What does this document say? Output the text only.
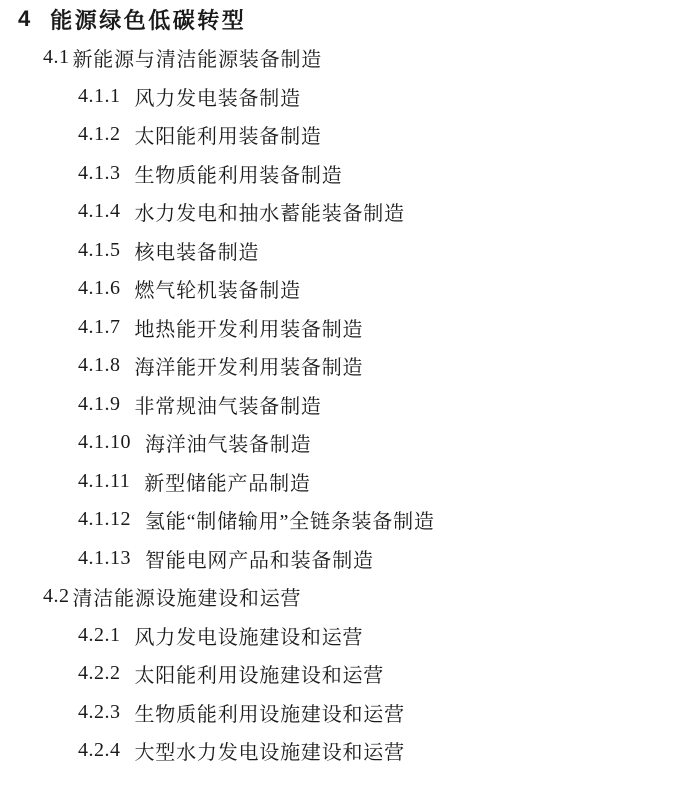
4 能源绿色低碳转型
4.1 新能源与清洁能源装备制造
4.1.1 风力发电装备制造
4.1.2 太阳能利用装备制造
4.1.3 生物质能利用装备制造
4.1.4 水力发电和抽水蓄能装备制造
4.1.5 核电装备制造
4.1.6 燃气轮机装备制造
4.1.7 地热能开发利用装备制造
4.1.8 海洋能开发利用装备制造
4.1.9 非常规油气装备制造
4.1.10 海洋油气装备制造
4.1.11 新型储能产品制造
4.1.12 氢能“制储输用”全链条装备制造
4.1.13 智能电网产品和装备制造
4.2 清洁能源设施建设和运营
4.2.1 风力发电设施建设和运营
4.2.2 太阳能利用设施建设和运营
4.2.3 生物质能利用设施建设和运营
4.2.4 大型水力发电设施建设和运营
